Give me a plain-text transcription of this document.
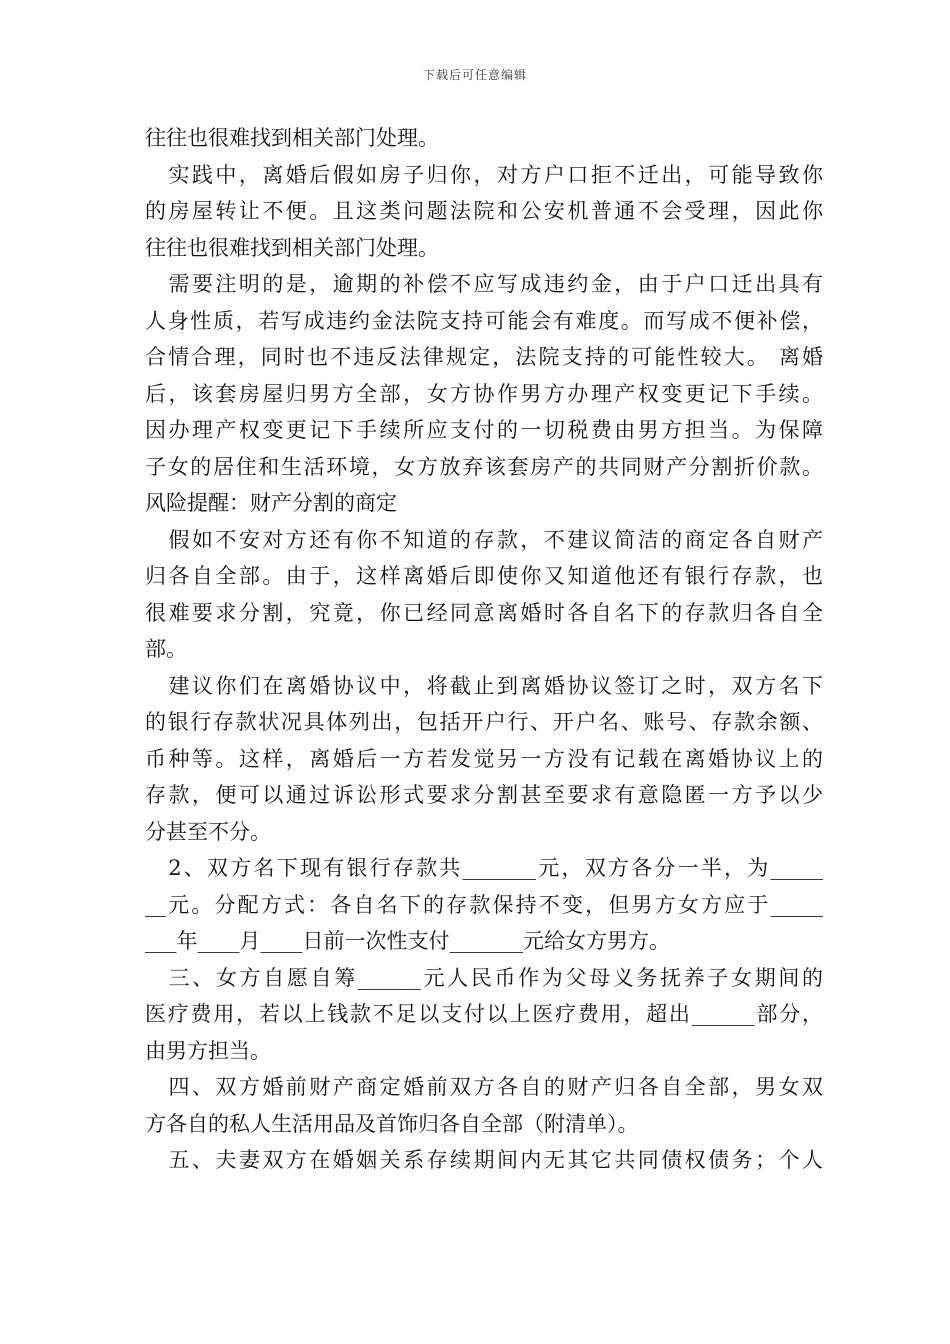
下载后可任意编辑
往往也很难找到相关部门处理。
　实践中，离婚后假如房子归你，对方户口拒不迁出，可能导致你
的房屋转让不便。且这类问题法院和公安机普通不会受理，因此你
往往也很难找到相关部门处理。
　需要注明的是，逾期的补偿不应写成违约金，由于户口迁出具有
人身性质，若写成违约金法院支持可能会有难度。而写成不便补偿，
合情合理，同时也不违反法律规定，法院支持的可能性较大。 离婚
后，该套房屋归男方全部，女方协作男方办理产权变更记下手续。
因办理产权变更记下手续所应支付的一切税费由男方担当。为保障
子女的居住和生活环境，女方放弃该套房产的共同财产分割折价款。
风险提醒：财产分割的商定
　假如不安对方还有你不知道的存款，不建议简洁的商定各自财产
归各自全部。由于，这样离婚后即使你又知道他还有银行存款，也
很难要求分割，究竟，你已经同意离婚时各自名下的存款归各自全
部。
　建议你们在离婚协议中，将截止到离婚协议签订之时，双方名下
的银行存款状况具体列出，包括开户行、开户名、账号、存款余额、
币种等。这样，离婚后一方若发觉另一方没有记载在离婚协议上的
存款，便可以通过诉讼形式要求分割甚至要求有意隐匿一方予以少
分甚至不分。
　2、双方名下现有银行存款共_______元，双方各分一半，为_____
__元。分配方式：各自名下的存款保持不变，但男方女方应于_____
___年____月____日前一次性支付_______元给女方男方。
　三、女方自愿自筹______元人民币作为父母义务抚养子女期间的
医疗费用，若以上钱款不足以支付以上医疗费用，超出______部分，
由男方担当。
　四、双方婚前财产商定婚前双方各自的财产归各自全部，男女双
方各自的私人生活用品及首饰归各自全部（附清单）。
　五、夫妻双方在婚姻关系存续期间内无其它共同债权债务；个人
